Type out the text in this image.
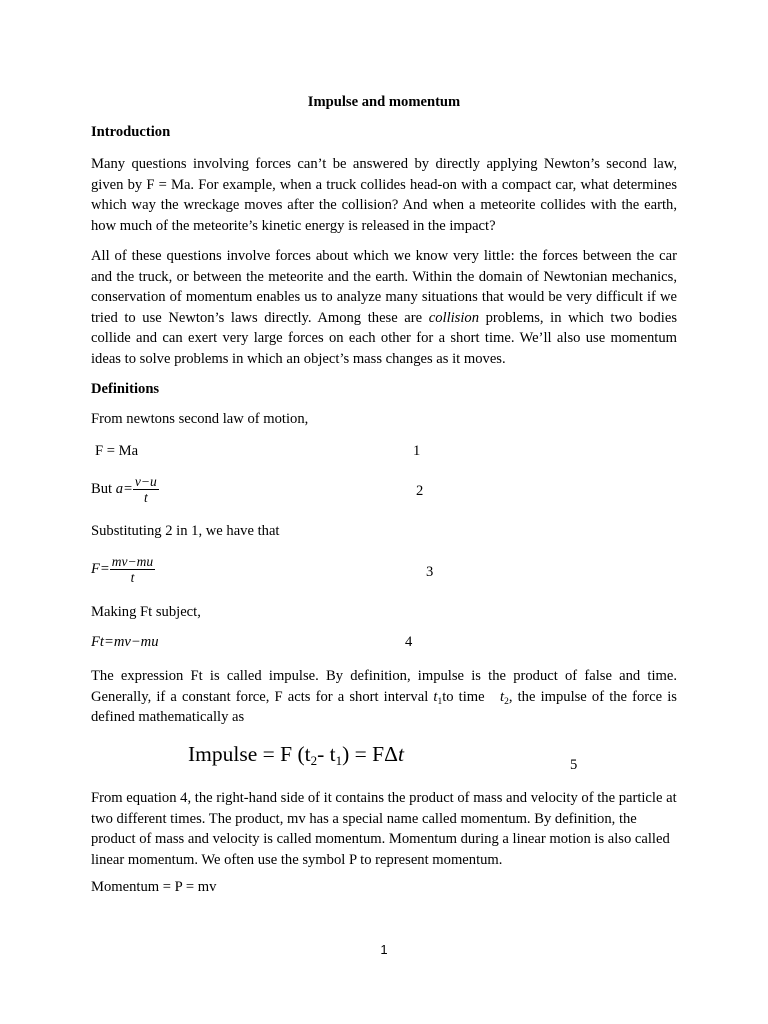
Impulse and momentum
Introduction

Many questions involving forces can’t be answered by directly applying Newton’s second law, given by F = Ma. For example, when a truck collides head-on with a compact car, what determines which way the wreckage moves after the collision? And when a meteorite collides with the earth, how much of the meteorite’s kinetic energy is released in the impact?

All of these questions involve forces about which we know very little: the forces between the car and the truck, or between the meteorite and the earth. Within the domain of Newtonian mechanics, conservation of momentum enables us to analyze many situations that would be very difficult if we tried to use Newton’s laws directly. Among these are collision problems, in which two bodies collide and can exert very large forces on each other for a short time. We’ll also use momentum ideas to solve problems in which an object’s mass changes as it moves.

Definitions
From newtons second law of motion,
F = Ma	1
But $a= \frac{v-u}{t}$	2
Substituting 2 in 1, we have that
$F= \frac{mv-mu}{t}$	3
Making Ft subject,
Ft=mv−mu	4

The expression Ft is called impulse. By definition, impulse is the product of false and time. Generally, if a constant force, F acts for a short interval $t_1to$ time   $t_2$, the impulse of the force is defined mathematically as

Impulse = F ($t_2-$ $t_1) = F\Delta t$	5

From equation 4, the right-hand side of it contains the product of mass and velocity of the particle at two different times. The product, mv has a special name called momentum. By definition, the product of mass and velocity is called momentum. Momentum during a linear motion is also called linear momentum. We often use the symbol P to represent momentum.

Momentum = P = mv
1
